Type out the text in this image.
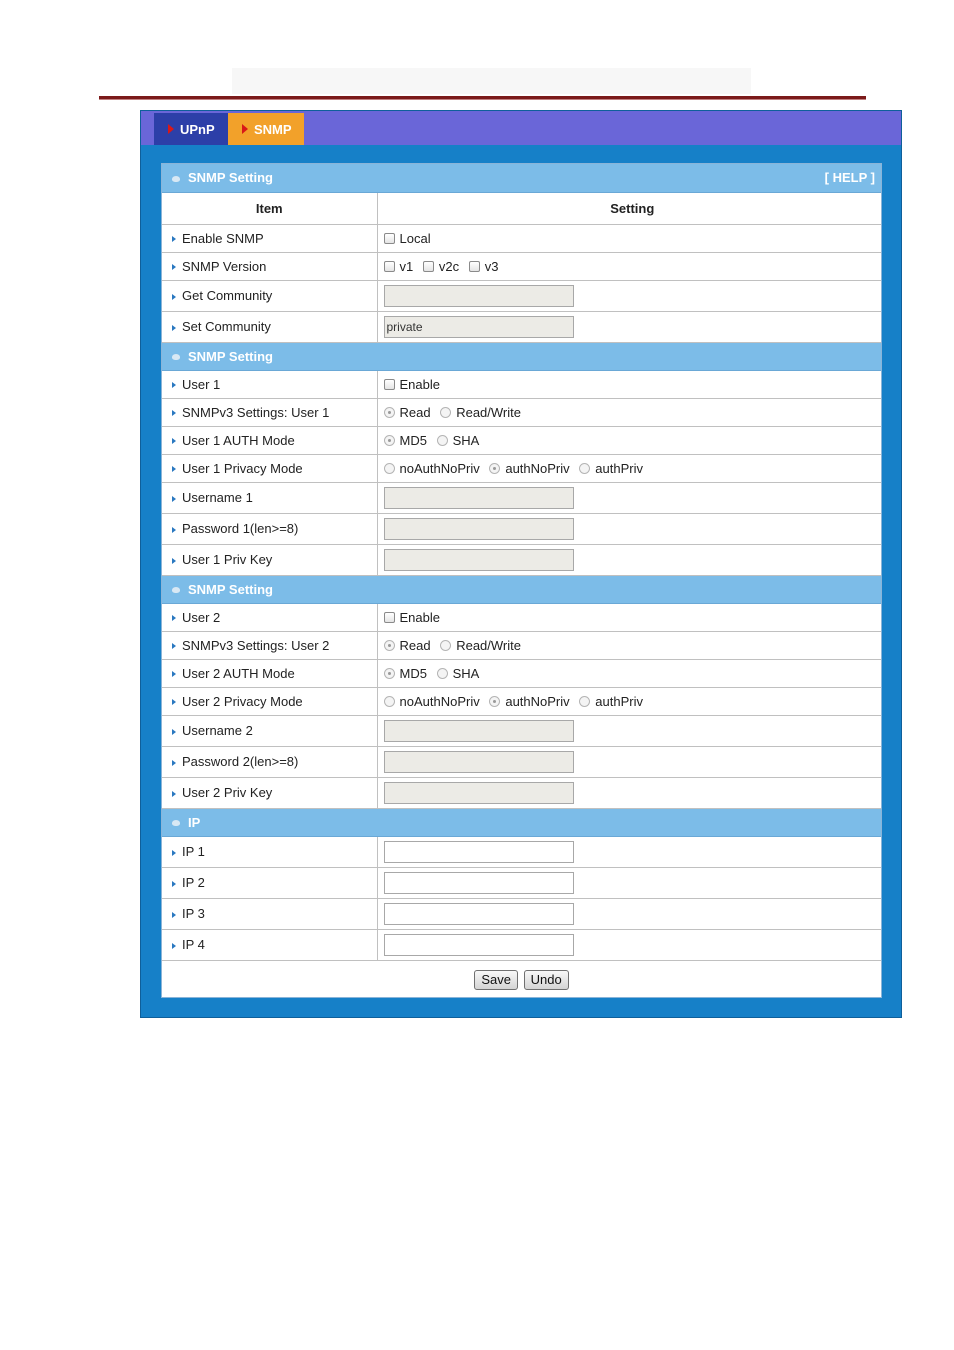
UPnP	SNMP
SNMP Setting [ HELP ]	

Item	Setting
Enable SNMP	Local
SNMP Version	v1 v2c v3
Get Community	
Set Community	private
SNMP Setting	
User 1	Enable
SNMPv3 Settings: User 1	Read Read/Write
User 1 AUTH Mode	MD5 SHA
User 1 Privacy Mode	noAuthNoPriv authNoPriv authPriv
Username 1	
Password 1(len>=8)	
User 1 Priv Key	
SNMP Setting	
User 2	Enable
SNMPv3 Settings: User 2	Read Read/Write
User 2 AUTH Mode	MD5 SHA
User 2 Privacy Mode	noAuthNoPriv authNoPriv authPriv
Username 2	
Password 2(len>=8)	
User 2 Priv Key	
IP	
IP 1	
IP 2	
IP 3	
IP 4	
Save Undo	
